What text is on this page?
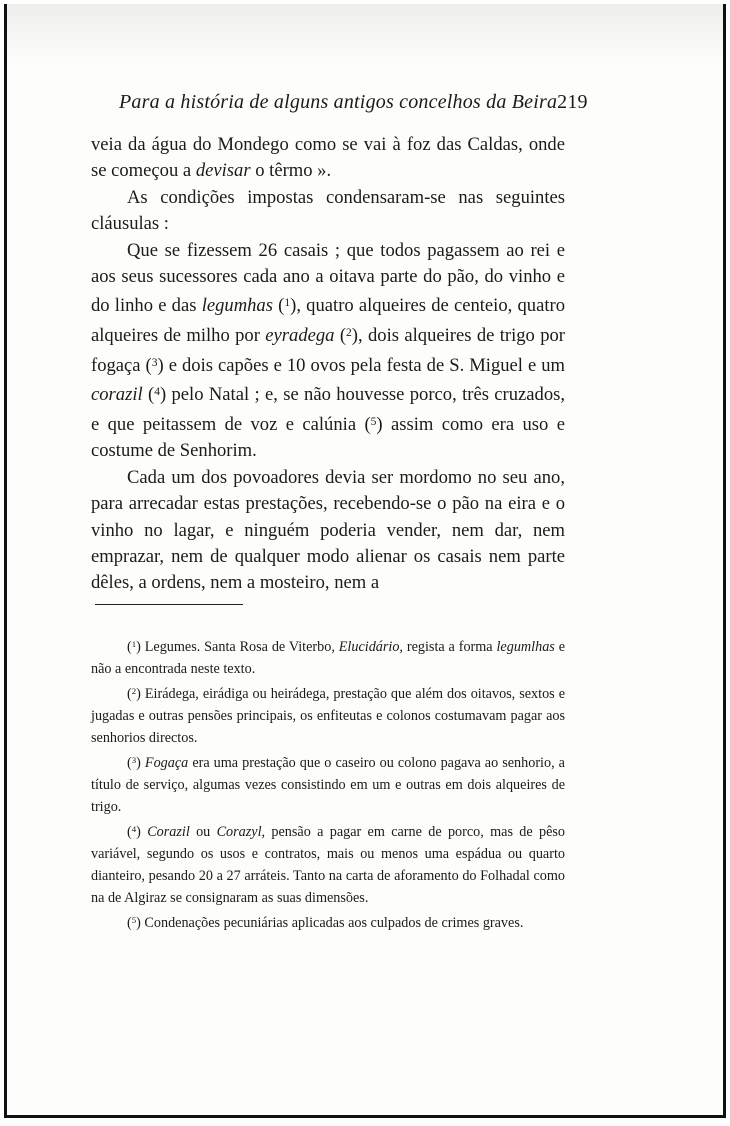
Para a história de alguns antigos concelhos da Beira 219

veia da água do Mondego como se vai à foz das Caldas, onde se começou a devisar o têrmo ».

As condições impostas condensaram-se nas seguintes cláusulas :

Que se fizessem 26 casais ; que todos pagassem ao rei e aos seus sucessores cada ano a oitava parte do pão, do vinho e do linho e das legumhas ($^1$), quatro alqueires de centeio, quatro alqueires de milho por eyradega ($^2$), dois alqueires de trigo por fogaça ($^3$) e dois capões e 10 ovos pela festa de S. Miguel e um corazil ($^4$) pelo Natal ; e, se não houvesse porco, três cruzados, e que peitassem de voz e calúnia ($^5$) assim como era uso e costume de Senhorim.

Cada um dos povoadores devia ser mordomo no seu ano, para arrecadar estas prestações, recebendo-se o pão na eira e o vinho no lagar, e ninguém poderia vender, nem dar, nem emprazar, nem de qualquer modo alienar os casais nem parte dêles, a ordens, nem a mosteiro, nem a

($^1$) Legumes. Santa Rosa de Viterbo, Elucidário, regista a forma legumlhas e não a encontrada neste texto.

($^2$) Eirádega, eirádiga ou heirádega, prestação que além dos oitavos, sextos e jugadas e outras pensões principais, os enfiteutas e colonos costumavam pagar aos senhorios directos.

($^3$) Fogaça era uma prestação que o caseiro ou colono pagava ao senhorio, a título de serviço, algumas vezes consistindo em um e outras em dois alqueires de trigo.

($^4$) Corazil ou Corazyl, pensão a pagar em carne de porco, mas de pêso variável, segundo os usos e contratos, mais ou menos uma espádua ou quarto dianteiro, pesando 20 a 27 arráteis. Tanto na carta de aforamento do Folhadal como na de Algiraz se consignaram as suas dimensões.

($^5$) Condenações pecuniárias aplicadas aos culpados de crimes graves.
